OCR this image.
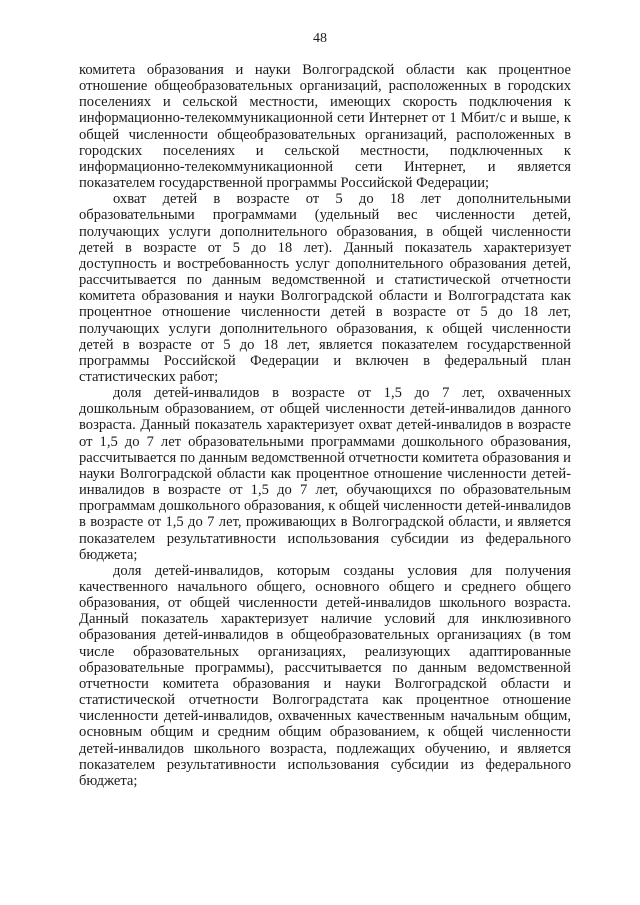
48

комитета образования и науки Волгоградской области как процентное отношение общеобразовательных организаций, расположенных в городских поселениях и сельской местности, имеющих скорость подключения к информационно-телекоммуникационной сети Интернет от 1 Мбит/с и выше, к общей численности общеобразовательных организаций, расположенных в городских поселениях и сельской местности, подключенных к информационно-телекоммуникационной сети Интернет, и является показателем государственной программы Российской Федерации;

охват детей в возрасте от 5 до 18 лет дополнительными образовательными программами (удельный вес численности детей, получающих услуги дополнительного образования, в общей численности детей в возрасте от 5 до 18 лет). Данный показатель характеризует доступность и востребованность услуг дополнительного образования детей, рассчитывается по данным ведомственной и статистической отчетности комитета образования и науки Волгоградской области и Волгоградстата как процентное отношение численности детей в возрасте от 5 до 18 лет, получающих услуги дополнительного образования, к общей численности детей в возрасте от 5 до 18 лет, является показателем государственной программы Российской Федерации и включен в федеральный план статистических работ;

доля детей-инвалидов в возрасте от 1,5 до 7 лет, охваченных дошкольным образованием, от общей численности детей-инвалидов данного возраста. Данный показатель характеризует охват детей-инвалидов в возрасте от 1,5 до 7 лет образовательными программами дошкольного образования, рассчитывается по данным ведомственной отчетности комитета образования и науки Волгоградской области как процентное отношение численности детей-инвалидов в возрасте от 1,5 до 7 лет, обучающихся по образовательным программам дошкольного образования, к общей численности детей-инвалидов в возрасте от 1,5 до 7 лет, проживающих в Волгоградской области, и является показателем результативности использования субсидии из федерального бюджета;

доля детей-инвалидов, которым созданы условия для получения качественного начального общего, основного общего и среднего общего образования, от общей численности детей-инвалидов школьного возраста. Данный показатель характеризует наличие условий для инклюзивного образования детей-инвалидов в общеобразовательных организациях (в том числе образовательных организациях, реализующих адаптированные образовательные программы), рассчитывается по данным ведомственной отчетности комитета образования и науки Волгоградской области и статистической отчетности Волгоградстата как процентное отношение численности детей-инвалидов, охваченных качественным начальным общим, основным общим и средним общим образованием, к общей численности детей-инвалидов школьного возраста, подлежащих обучению, и является показателем результативности использования субсидии из федерального бюджета;
